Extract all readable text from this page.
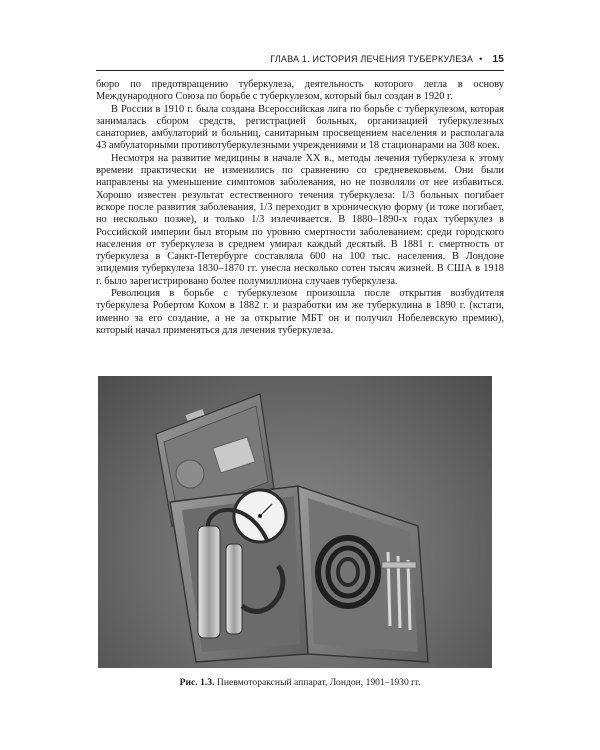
ГЛАВА 1. ИСТОРИЯ ЛЕЧЕНИЯ ТУБЕРКУЛЕЗА • 15

бюро по предотвращению туберкулеза, деятельность которого легла в основу Международного Союза по борьбе с туберкулезом, который был создан в 1920 г.

В России в 1910 г. была создана Всероссийская лига по борьбе с туберкулезом, которая занималась сбором средств, регистрацией больных, организацией туберкулезных санаториев, амбулаторий и больниц, санитарным просвещением населения и располагала 43 амбулаторными противотуберкулезными учреждениями и 18 стационарами на 308 коек.

Несмотря на развитие медицины в начале XX в., методы лечения туберкулеза к этому времени практически не изменились по сравнению со средневековьем. Они были направлены на уменьшение симптомов заболевания, но не позволяли от нее избавиться. Хорошо известен результат естественного течения туберкулеза: 1/3 больных погибает вскоре после развития заболевания, 1/3 переходит в хроническую форму (и тоже погибает, но несколько позже), и только 1/3 излечивается. В 1880–1890-х годах туберкулез в Российской империи был вторым по уровню смертности заболеванием: среди городского населения от туберкулеза в среднем умирал каждый десятый. В 1881 г. смертность от туберкулеза в Санкт-Петербурге составляла 600 на 100 тыс. населения. В Лондоне эпидемия туберкулеза 1830–1870 гг. унесла несколько сотен тысяч жизней. В США в 1918 г. было зарегистрировано более полумиллиона случаев туберкулеза.

Революция в борьбе с туберкулезом произошла после открытия возбудителя туберкулеза Робертом Кохом в 1882 г. и разработки им же туберкулина в 1890 г. (кстати, именно за его создание, а не за открытие МБТ он и получил Нобелевскую премию), который начал применяться для лечения туберкулеза.

Рис. 1.3. Пневмотораксный аппарат, Лондон, 1901–1930 гг.
